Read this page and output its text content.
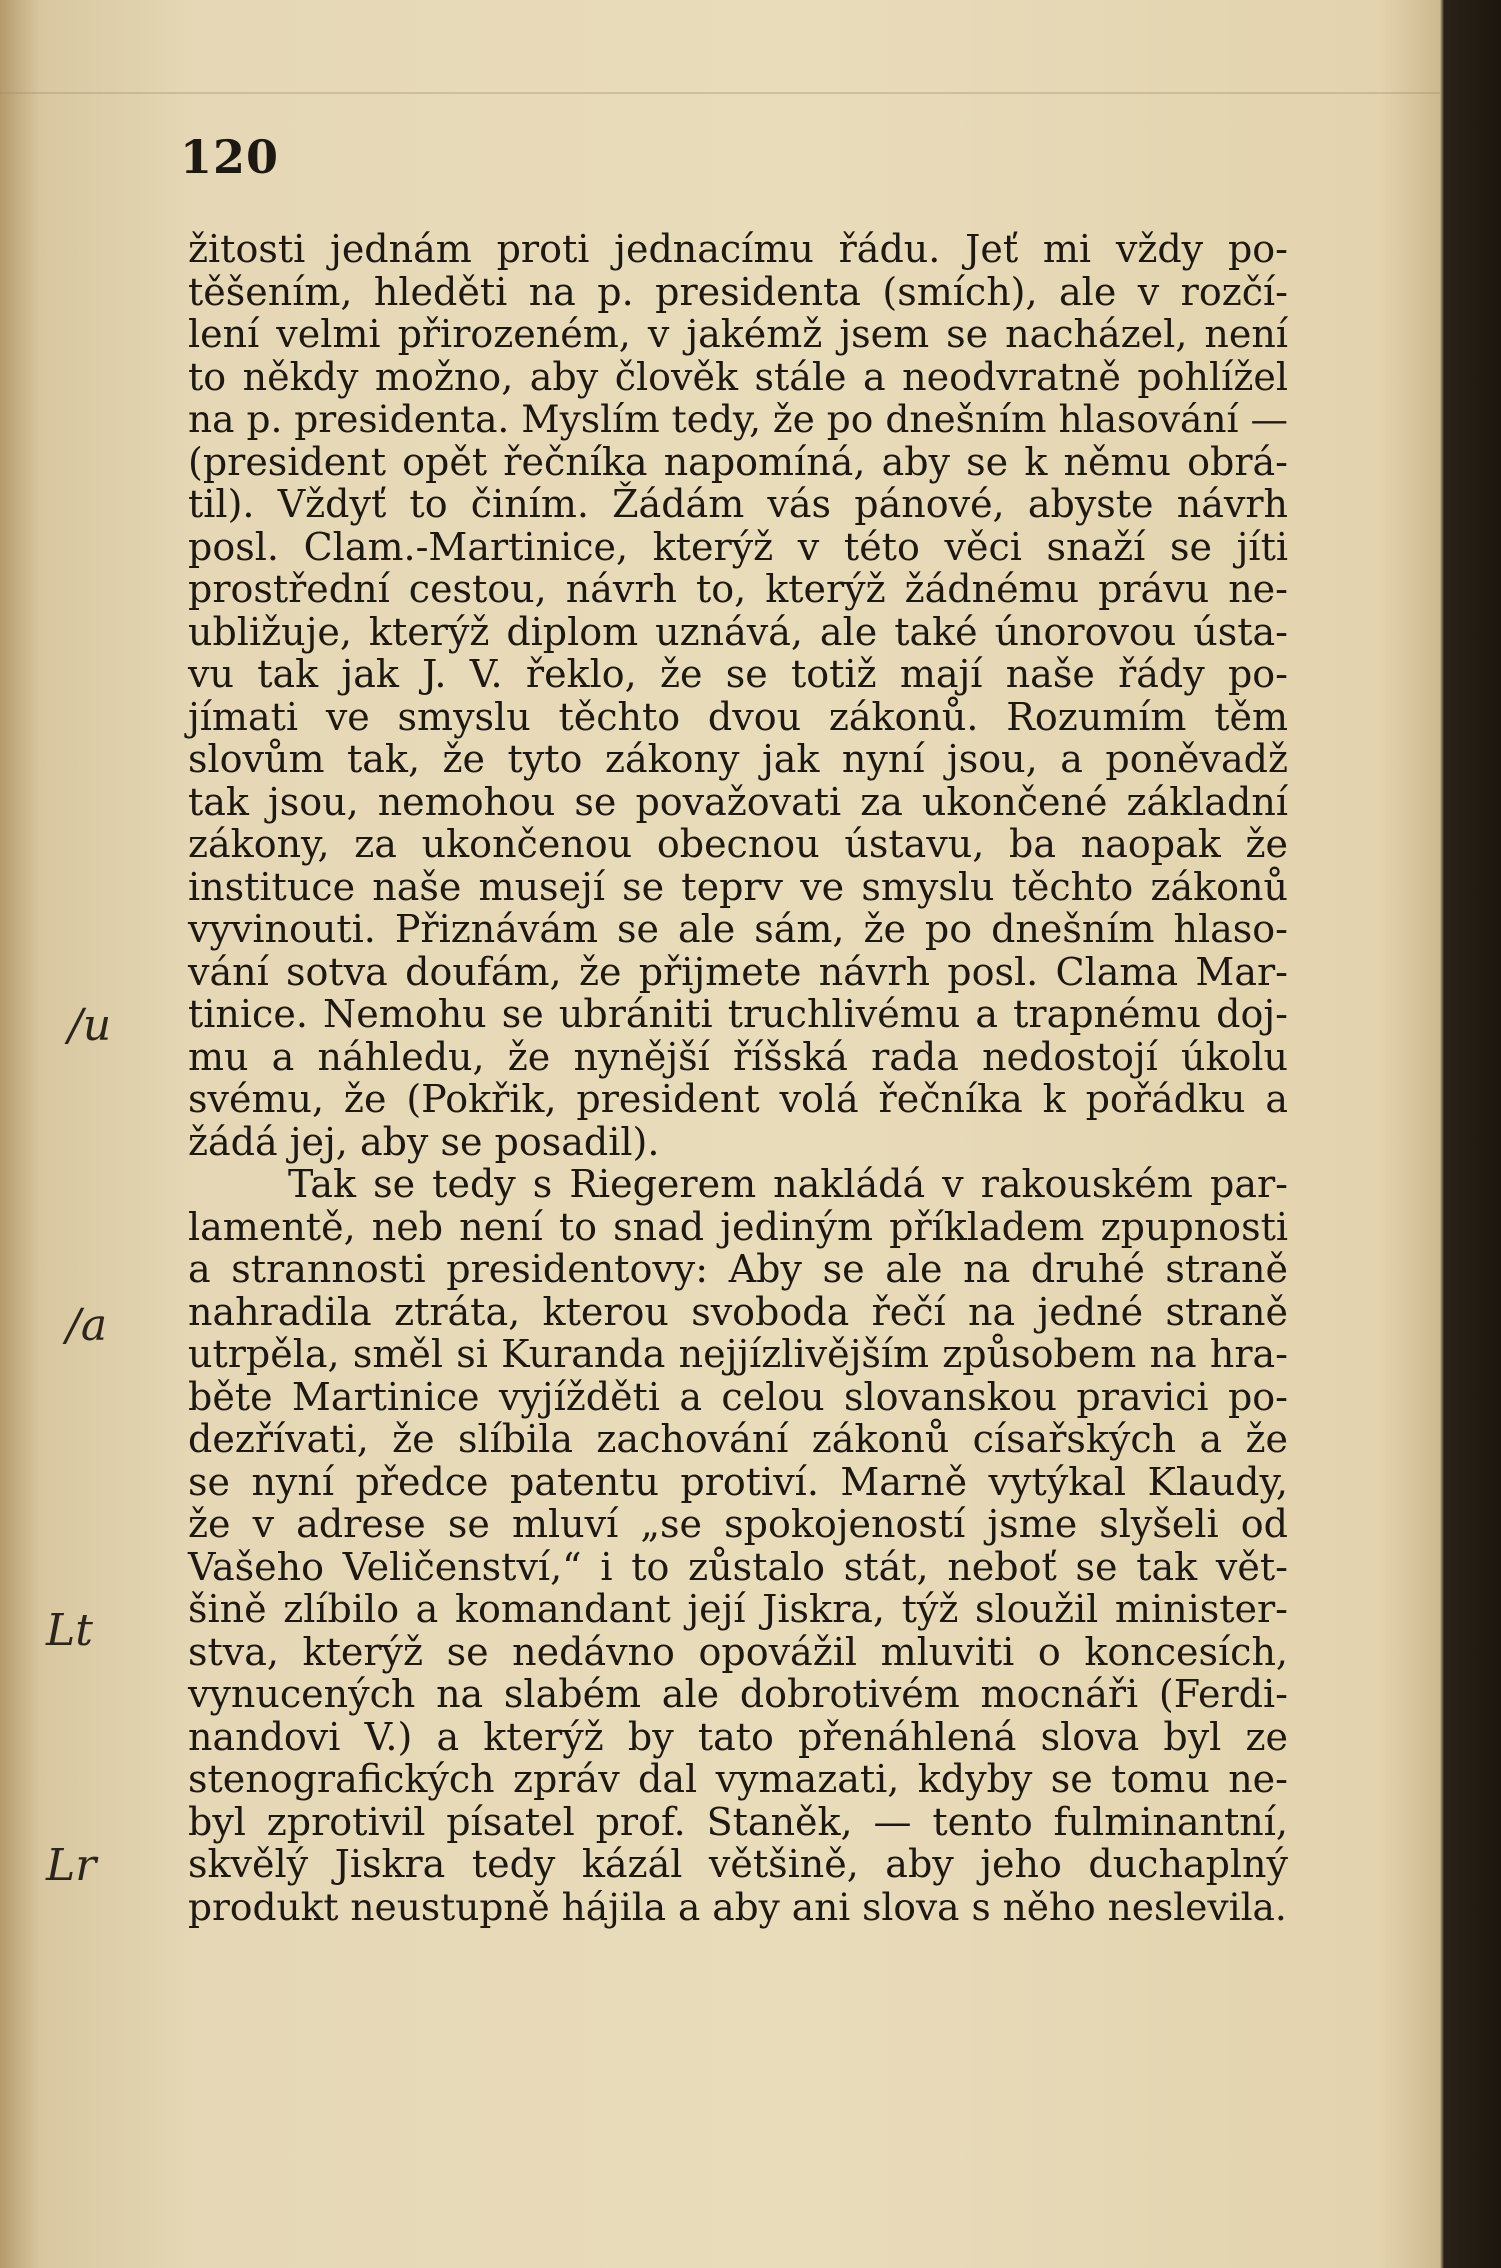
120
žitosti jednám proti jednacímu řádu. Jeť mi vždy po-
těšením, hleděti na p. presidenta (smích), ale v rozčí-
lení velmi přirozeném, v jakémž jsem se nacházel, není
to někdy možno, aby člověk stále a neodvratně pohlížel
na p. presidenta. Myslím tedy, že po dnešním hlasování —
(president opět řečníka napomíná, aby se k němu obrá-
til). Vždyť to činím. Žádám vás pánové, abyste návrh
posl. Clam.-Martinice, kterýž v této věci snaží se jíti
prostřední cestou, návrh to, kterýž žádnému právu ne-
ubližuje, kterýž diplom uznává, ale také únorovou ústa-
vu tak jak J. V. řeklo, že se totiž mají naše řády po-
jímati ve smyslu těchto dvou zákonů. Rozumím těm
slovům tak, že tyto zákony jak nyní jsou, a poněvadž
tak jsou, nemohou se považovati za ukončené základní
zákony, za ukončenou obecnou ústavu, ba naopak že
instituce naše musejí se teprv ve smyslu těchto zákonů
vyvinouti. Přiznávám se ale sám, že po dnešním hlaso-
vání sotva doufám, že přijmete návrh posl. Clama Mar-
tinice. Nemohu se ubrániti truchlivému a trapnému doj-
mu a náhledu, že nynější říšská rada nedostojí úkolu
svému, že (Pokřik, president volá řečníka k pořádku a
žádá jej, aby se posadil).
Tak se tedy s Riegerem nakládá v rakouském par-
lamentě, neb není to snad jediným příkladem zpupnosti
a strannosti presidentovy: Aby se ale na druhé straně
nahradila ztráta, kterou svoboda řečí na jedné straně
utrpěla, směl si Kuranda nejjízlivějším způsobem na hra-
běte Martinice vyjížděti a celou slovanskou pravici po-
dezřívati, že slíbila zachování zákonů císařských a že
se nyní předce patentu protiví. Marně vytýkal Klaudy,
že v adrese se mluví „se spokojeností jsme slyšeli od
Vašeho Veličenství,“ i to zůstalo stát, neboť se tak vět-
šině zlíbilo a komandant její Jiskra, týž sloužil minister-
stva, kterýž se nedávno opovážil mluviti o koncesích,
vynucených na slabém ale dobrotivém mocnáři (Ferdi-
nandovi V.) a kterýž by tato přenáhlená slova byl ze
stenografických zpráv dal vymazati, kdyby se tomu ne-
byl zprotivil písatel prof. Staněk, — tento fulminantní,
skvělý Jiskra tedy kázál většině, aby jeho duchaplný
produkt neustupně hájila a aby ani slova s něho neslevila.
/u
/a
Lt
Lr
